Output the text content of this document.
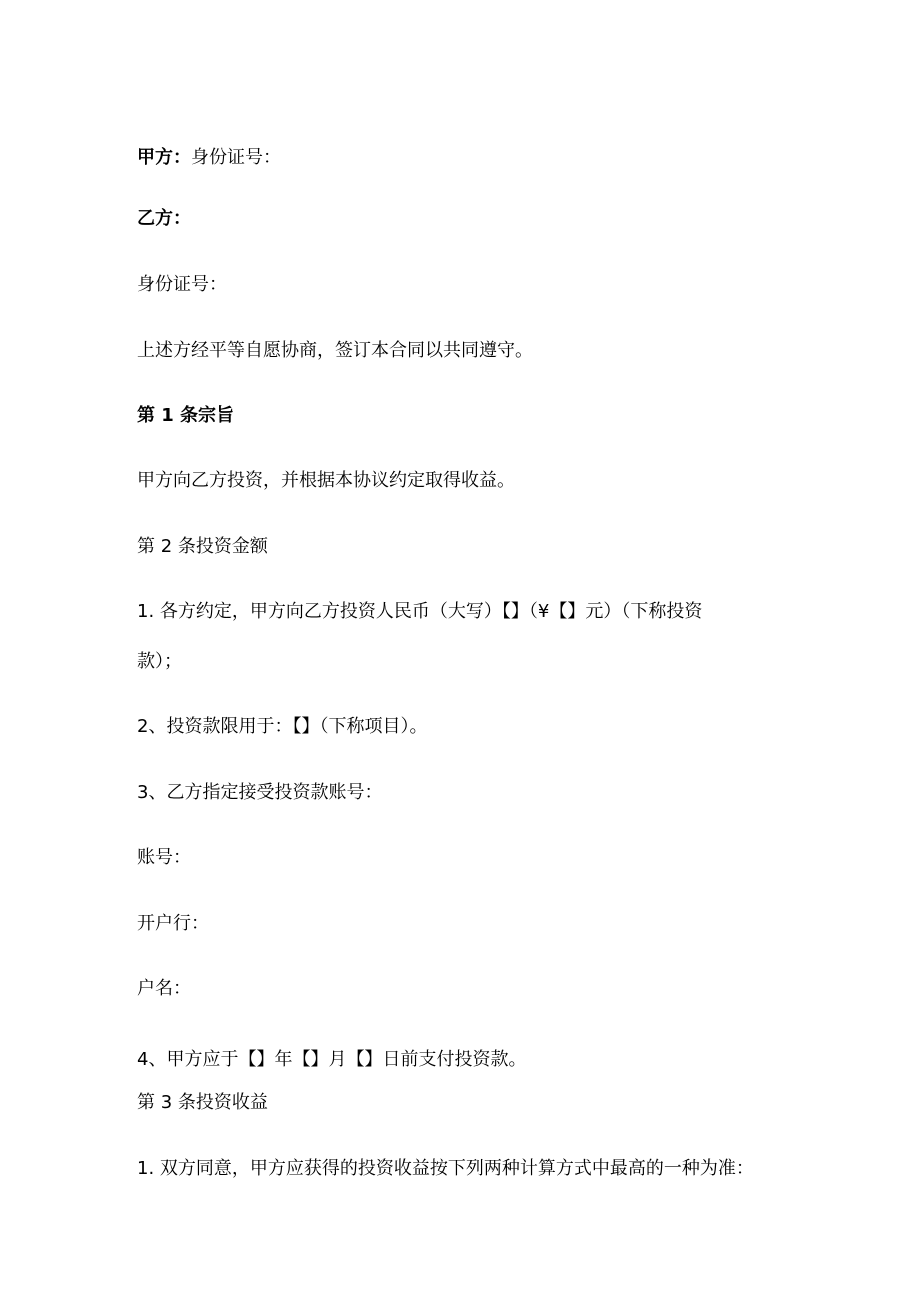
甲方：身份证号：

乙方：

身份证号：

上述方经平等自愿协商，签订本合同以共同遵守。

第 1 条宗旨

甲方向乙方投资，并根据本协议约定取得收益。

第 2 条投资金额

1. 各方约定，甲方向乙方投资人民币（大写）【】（¥【】元）（下称投资

款）；

2、投资款限用于：【】（下称项目）。

3、乙方指定接受投资款账号：

账号：

开户行：

户名：

4、甲方应于【】年【】月【】日前支付投资款。

第 3 条投资收益

1. 双方同意，甲方应获得的投资收益按下列两种计算方式中最高的一种为准：
